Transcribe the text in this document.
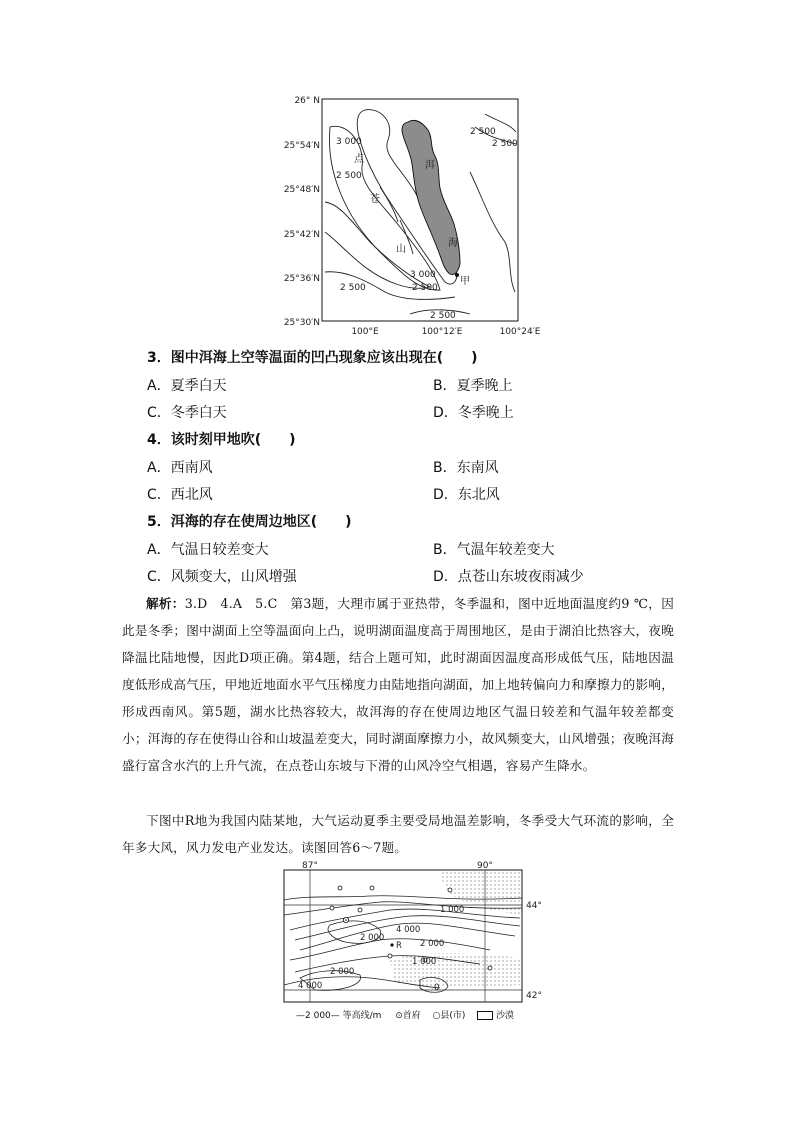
26° N
25°54′N
25°48′N
25°42′N
25°36′N
25°30′N
100°E	100°12′E	100°24′E
3 000
2 500
2 500
2 500
3 000
2 500	2 500
2 500
点
苍
山
洱
海
甲
3．图中洱海上空等温面的凹凸现象应该出现在(　　)
A．夏季白天	B．夏季晚上
C．冬季白天	D．冬季晚上
4．该时刻甲地吹(　　)
A．西南风	B．东南风
C．西北风	D．东北风
5．洱海的存在使周边地区(　　)
A．气温日较差变大	B．气温年较差变大
C．风频变大，山风增强	D．点苍山东坡夜雨减少

解析：3.D　4.A　5.C　第3题，大理市属于亚热带，冬季温和，图中近地面温度约9 ℃，因此是冬季；图中湖面上空等温面向上凸，说明湖面温度高于周围地区，是由于湖泊比热容大，夜晚降温比陆地慢，因此D项正确。第4题，结合上题可知，此时湖面因温度高形成低气压，陆地因温度低形成高气压，甲地近地面水平气压梯度力由陆地指向湖面，加上地转偏向力和摩擦力的影响，形成西南风。第5题，湖水比热容较大，故洱海的存在使周边地区气温日较差和气温年较差都变小；洱海的存在使得山谷和山坡温差变大，同时湖面摩擦力小，故风频变大，山风增强；夜晚洱海盛行富含水汽的上升气流，在点苍山东坡与下滑的山风冷空气相遇，容易产生降水。

下图中R地为我国内陆某地，大气运动夏季主要受局地温差影响，冬季受大气环流的影响，全年多大风，风力发电产业发达。读图回答6～7题。

87°	90°
44°
42°
1 000
2 000
4 000
2 000
1 000
2 000
4 000	0
R
—2 000— 等高线/m ⊙首府 ○县(市)	沙漠
